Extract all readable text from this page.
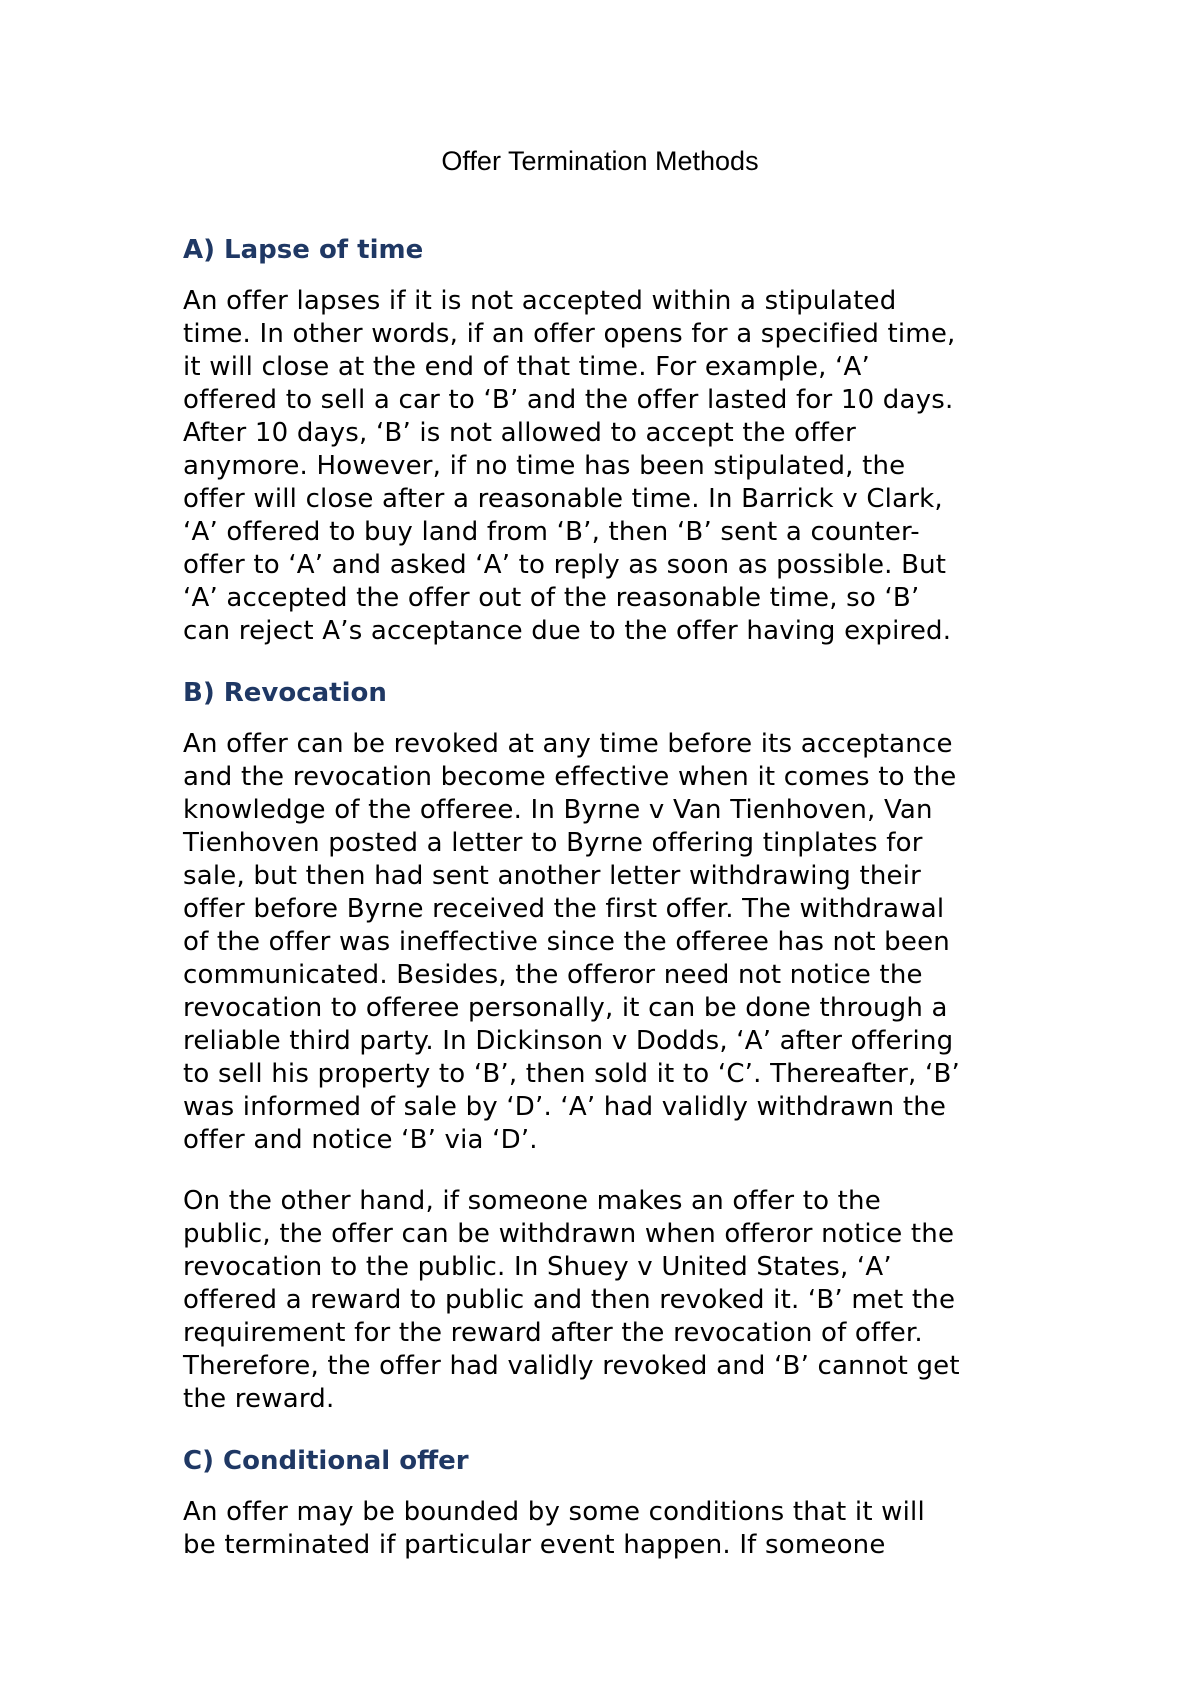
Offer Termination Methods
A) Lapse of time

An offer lapses if it is not accepted within a stipulated
time. In other words, if an offer opens for a specified time,
it will close at the end of that time. For example, ‘A’
offered to sell a car to ‘B’ and the offer lasted for 10 days.
After 10 days, ‘B’ is not allowed to accept the offer
anymore. However, if no time has been stipulated, the
offer will close after a reasonable time. In Barrick v Clark,
‘A’ offered to buy land from ‘B’, then ‘B’ sent a counter-
offer to ‘A’ and asked ‘A’ to reply as soon as possible. But
‘A’ accepted the offer out of the reasonable time, so ‘B’
can reject A’s acceptance due to the offer having expired.

B) Revocation

An offer can be revoked at any time before its acceptance
and the revocation become effective when it comes to the
knowledge of the offeree. In Byrne v Van Tienhoven, Van
Tienhoven posted a letter to Byrne offering tinplates for
sale, but then had sent another letter withdrawing their
offer before Byrne received the first offer. The withdrawal
of the offer was ineffective since the offeree has not been
communicated. Besides, the offeror need not notice the
revocation to offeree personally, it can be done through a
reliable third party. In Dickinson v Dodds, ‘A’ after offering
to sell his property to ‘B’, then sold it to ‘C’. Thereafter, ‘B’
was informed of sale by ‘D’. ‘A’ had validly withdrawn the
offer and notice ‘B’ via ‘D’.

On the other hand, if someone makes an offer to the
public, the offer can be withdrawn when offeror notice the
revocation to the public. In Shuey v United States, ‘A’
offered a reward to public and then revoked it. ‘B’ met the
requirement for the reward after the revocation of offer.
Therefore, the offer had validly revoked and ‘B’ cannot get
the reward.

C) Conditional offer

An offer may be bounded by some conditions that it will
be terminated if particular event happen. If someone
